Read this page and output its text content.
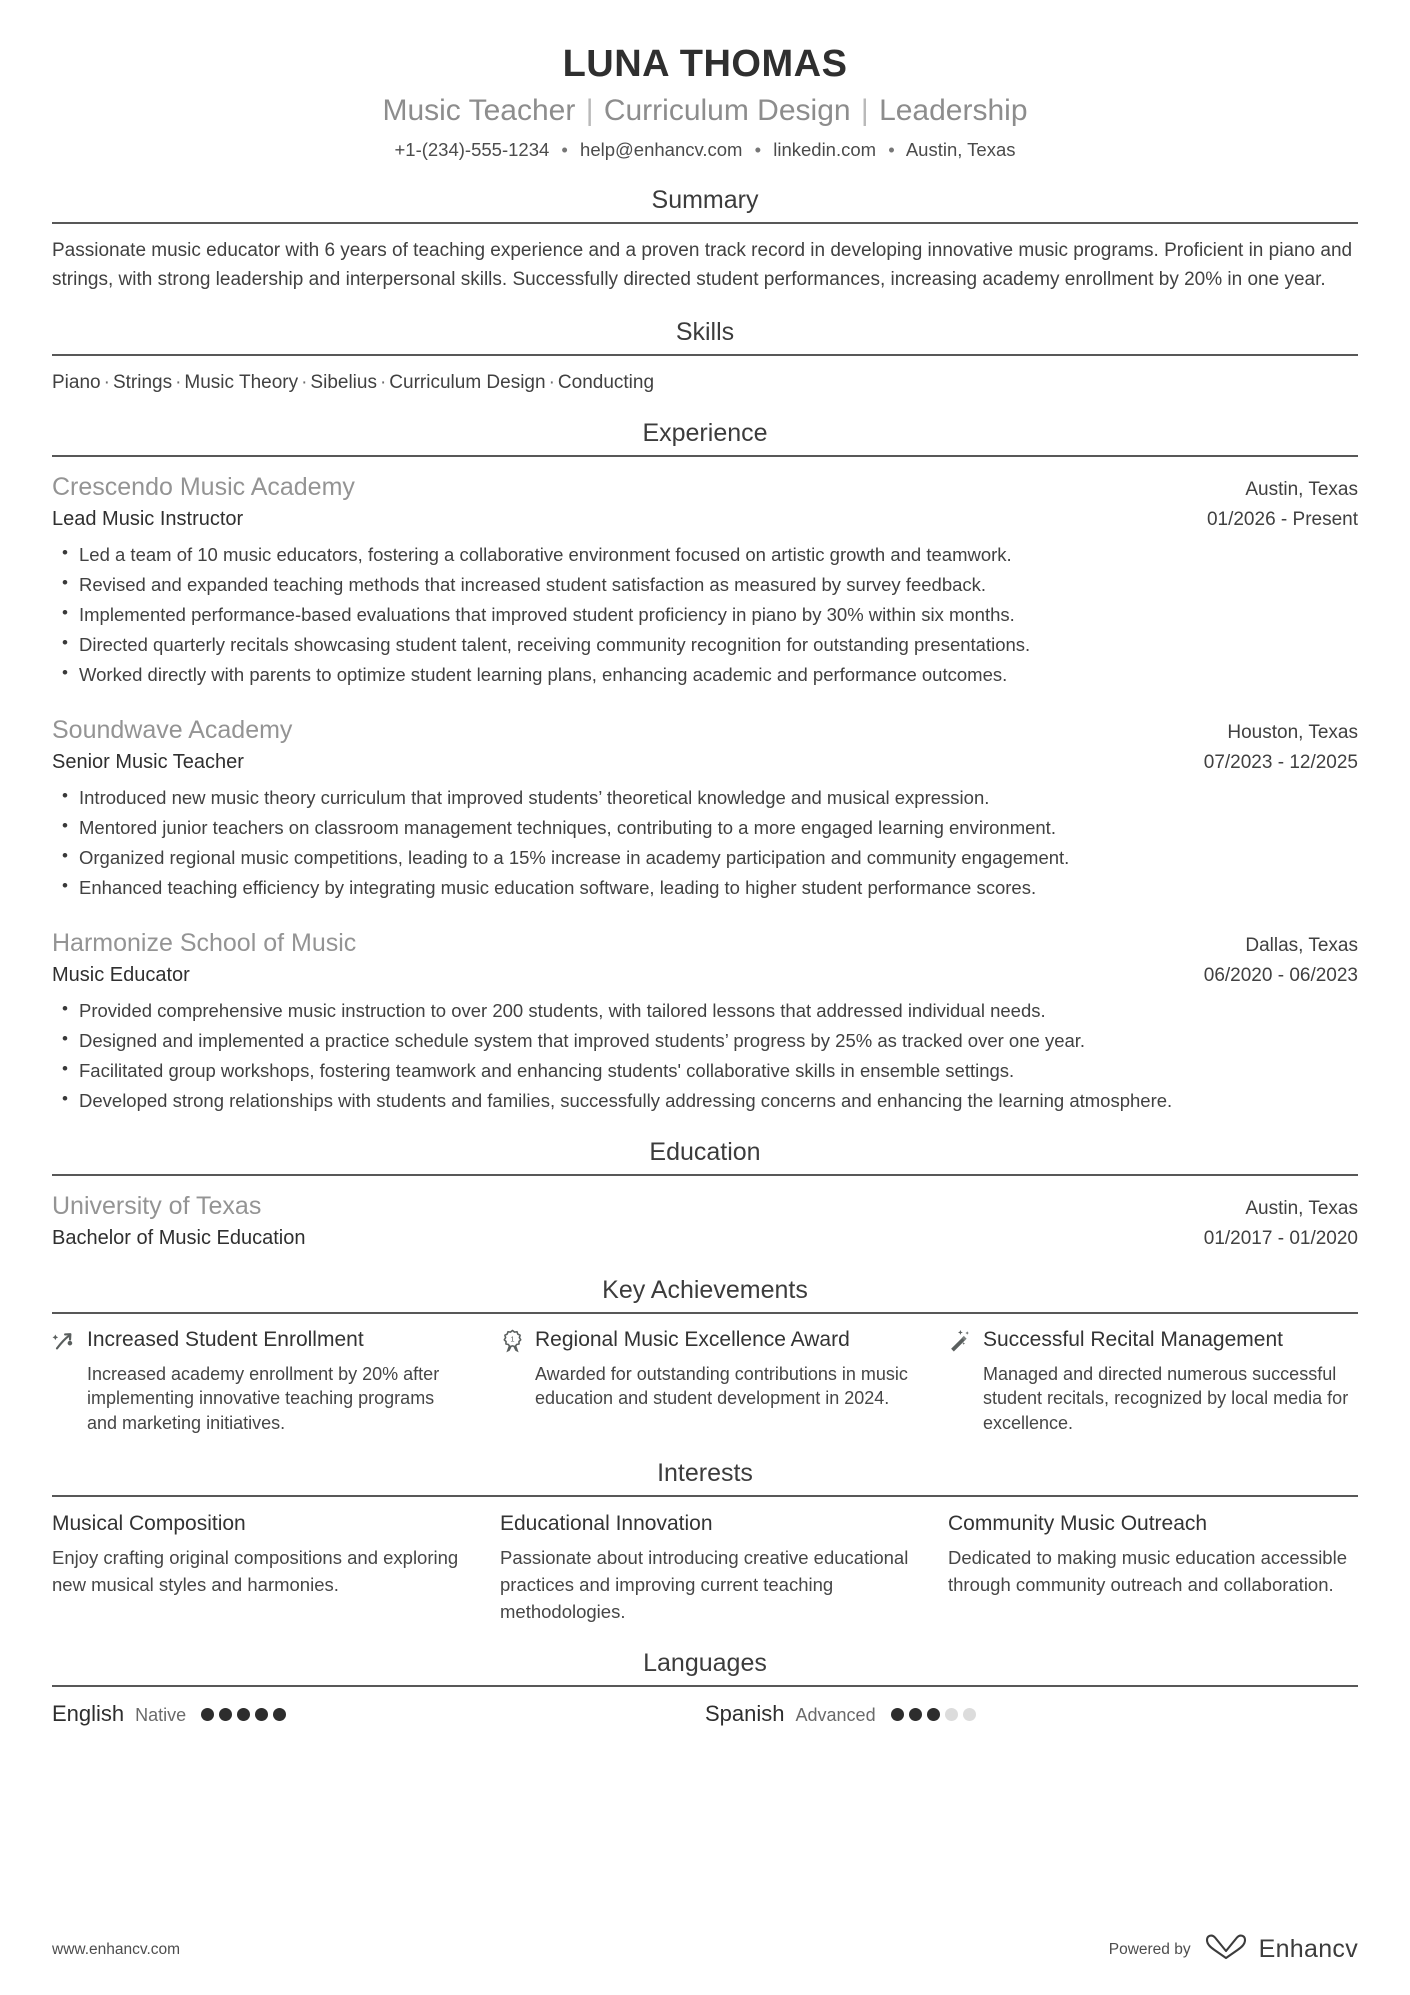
LUNA THOMAS
Music Teacher | Curriculum Design | Leadership
+1-(234)-555-1234 • help@enhancv.com • linkedin.com • Austin, Texas
Summary
Passionate music educator with 6 years of teaching experience and a proven track record in developing innovative music programs. Proficient in piano and strings, with strong leadership and interpersonal skills. Successfully directed student performances, increasing academy enrollment by 20% in one year.
Skills
Piano · Strings · Music Theory · Sibelius · Curriculum Design · Conducting
Experience
Crescendo Music Academy	Austin, Texas
Lead Music Instructor	01/2026 - Present
• Led a team of 10 music educators, fostering a collaborative environment focused on artistic growth and teamwork.
• Revised and expanded teaching methods that increased student satisfaction as measured by survey feedback.
• Implemented performance-based evaluations that improved student proficiency in piano by 30% within six months.
• Directed quarterly recitals showcasing student talent, receiving community recognition for outstanding presentations.
• Worked directly with parents to optimize student learning plans, enhancing academic and performance outcomes.
Soundwave Academy	Houston, Texas
Senior Music Teacher	07/2023 - 12/2025
• Introduced new music theory curriculum that improved students’ theoretical knowledge and musical expression.
• Mentored junior teachers on classroom management techniques, contributing to a more engaged learning environment.
• Organized regional music competitions, leading to a 15% increase in academy participation and community engagement.
• Enhanced teaching efficiency by integrating music education software, leading to higher student performance scores.
Harmonize School of Music	Dallas, Texas
Music Educator	06/2020 - 06/2023
• Provided comprehensive music instruction to over 200 students, with tailored lessons that addressed individual needs.
• Designed and implemented a practice schedule system that improved students’ progress by 25% as tracked over one year.
• Facilitated group workshops, fostering teamwork and enhancing students' collaborative skills in ensemble settings.
• Developed strong relationships with students and families, successfully addressing concerns and enhancing the learning atmosphere.
Education
University of Texas	Austin, Texas
Bachelor of Music Education	01/2017 - 01/2020
Key Achievements
Increased Student Enrollment
Increased academy enrollment by 20% after implementing innovative teaching programs and marketing initiatives.
1 Regional Music Excellence Award
Awarded for outstanding contributions in music education and student development in 2024.
Successful Recital Management
Managed and directed numerous successful student recitals, recognized by local media for excellence.
Interests
Musical Composition
Enjoy crafting original compositions and exploring new musical styles and harmonies.
Educational Innovation
Passionate about introducing creative educational practices and improving current teaching methodologies.
Community Music Outreach
Dedicated to making music education accessible through community outreach and collaboration.
Languages
English Native	Spanish Advanced
www.enhancv.com	Powered by	Enhancv
